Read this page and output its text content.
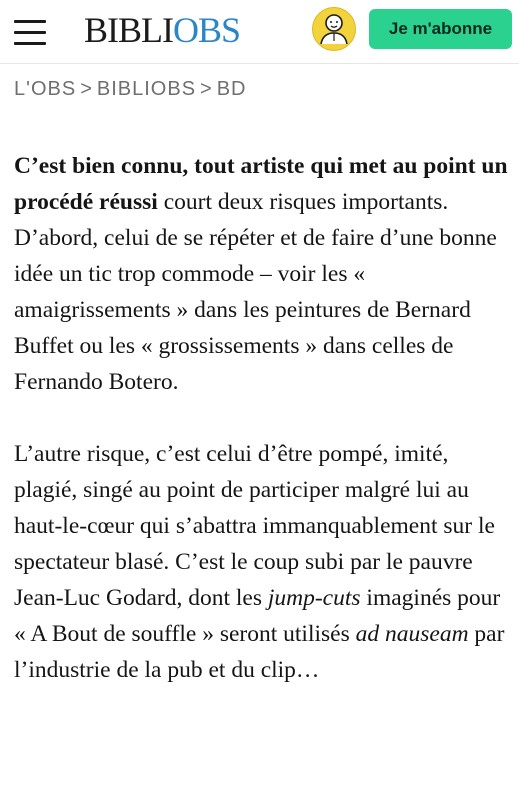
BIBLIOBS	Je m'abonne
L'OBS > BIBLIOBS > BD

C’est bien connu, tout artiste qui met au point un procédé réussi court deux risques importants. D’abord, celui de se répéter et de faire d’une bonne idée un tic trop commode – voir les « amaigrissements » dans les peintures de Bernard Buffet ou les « grossissements » dans celles de Fernando Botero.

L’autre risque, c’est celui d’être pompé, imité, plagié, singé au point de participer malgré lui au haut-le-cœur qui s’abattra immanquablement sur le spectateur blasé. C’est le coup subi par le pauvre Jean-Luc Godard, dont les jump-cuts imaginés pour « A Bout de souffle » seront utilisés ad nauseam par l’industrie de la pub et du clip…
